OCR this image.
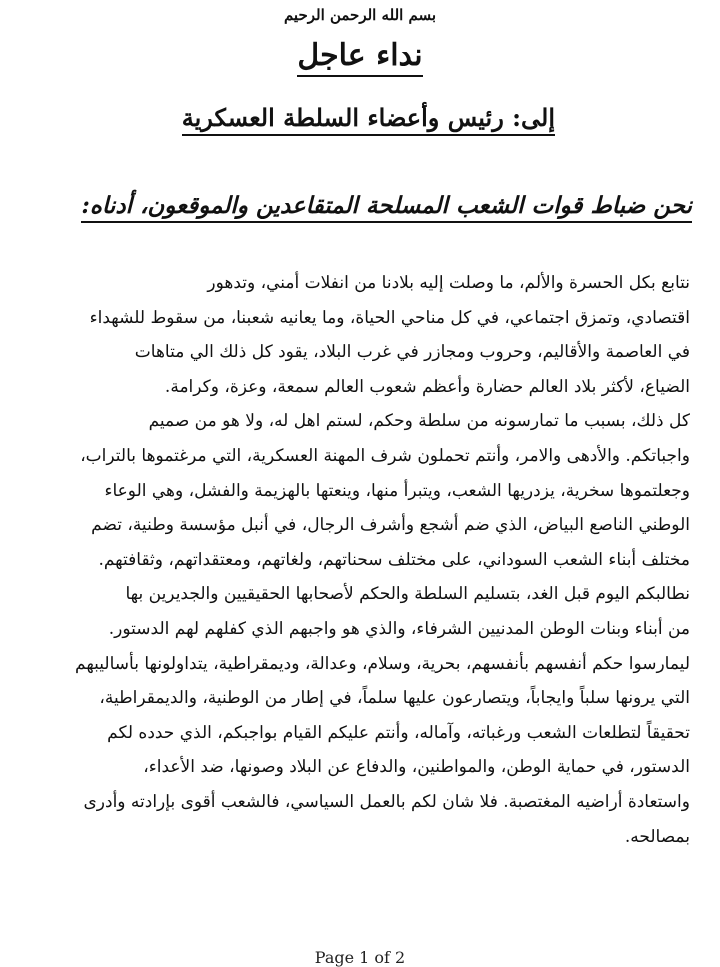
بسم الله الرحمن الرحيم
نداء عاجل
إلى: رئيس وأعضاء السلطة العسكرية
نحن ضباط قوات الشعب المسلحة المتقاعدين والموقعون، أدناه:
نتابع بكل الحسرة والألم، ما وصلت إليه بلادنا من انفلات أمني، وتدهور
اقتصادي، وتمزق اجتماعي، في كل مناحي الحياة، وما يعانيه شعبنا، من سقوط للشهداء
في العاصمة والأقاليم، وحروب ومجازر في غرب البلاد، يقود كل ذلك الي متاهات
الضياع، لأكثر بلاد العالم حضارة وأعظم شعوب العالم سمعة، وعزة، وكرامة.
كل ذلك، بسبب ما تمارسونه من سلطة وحكم، لستم اهل له، ولا هو من صميم
واجباتكم. والأدهى والامر، وأنتم تحملون شرف المهنة العسكرية، التي مرغتموها بالتراب،
وجعلتموها سخرية، يزدريها الشعب، ويتبرأ منها، وينعتها بالهزيمة والفشل، وهي الوعاء
الوطني الناصع البياض، الذي ضم أشجع وأشرف الرجال، في أنبل مؤسسة وطنية، تضم
مختلف أبناء الشعب السوداني، على مختلف سحناتهم، ولغاتهم، ومعتقداتهم، وثقافتهم.
نطالبكم اليوم قبل الغد، بتسليم السلطة والحكم لأصحابها الحقيقيين والجديرين بها
من أبناء وبنات الوطن المدنيين الشرفاء، والذي هو واجبهم الذي كفلهم لهم الدستور.
ليمارسوا حكم أنفسهم بأنفسهم، بحرية، وسلام، وعدالة، وديمقراطية، يتداولونها بأساليبهم
التي يرونها سلباً وايجاباً، ويتصارعون عليها سلماً، في إطار من الوطنية، والديمقراطية،
تحقيقاً لتطلعات الشعب ورغباته، وآماله، وأنتم عليكم القيام بواجبكم، الذي حدده لكم
الدستور، في حماية الوطن، والمواطنين، والدفاع عن البلاد وصونها، ضد الأعداء،
واستعادة أراضيه المغتصبة. فلا شان لكم بالعمل السياسي، فالشعب أقوى بإرادته وأدرى
بمصالحه.
Page 1 of 2
